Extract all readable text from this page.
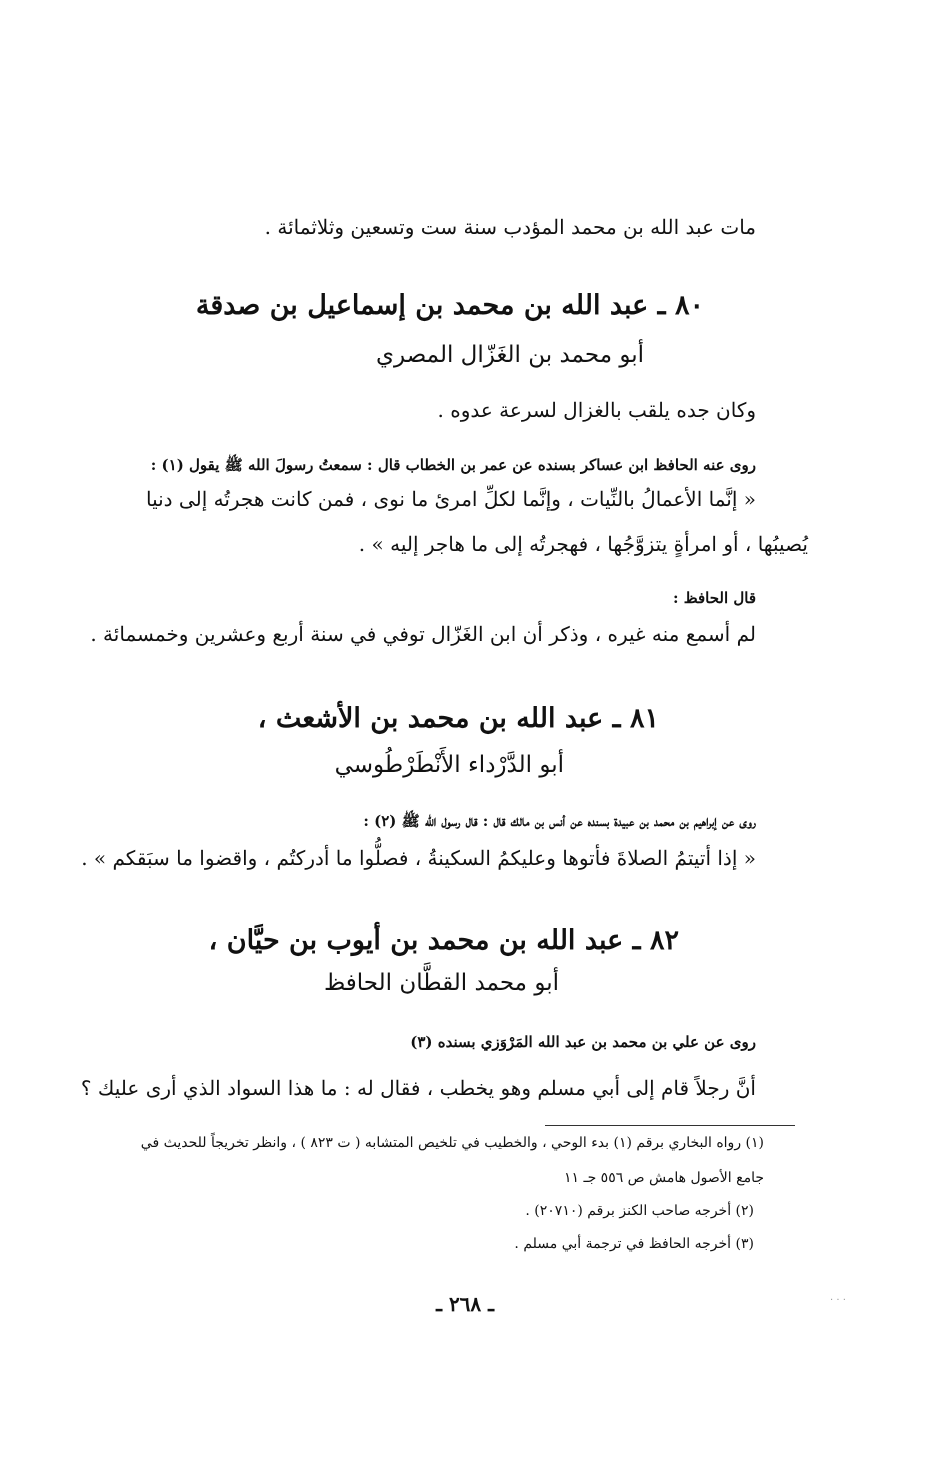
مات عبد الله بن محمد المؤدب سنة ست وتسعين وثلاثمائة .
٨٠ ـ عبد الله بن محمد بن إسماعيل بن صدقة
أبو محمد بن الغَزّال المصري
وكان جده يلقب بالغزال لسرعة عدوه .
روى عنه الحافظ ابن عساكر بسنده عن عمر بن الخطاب قال : سمعتُ رسولَ الله ﷺ يقول (١) :
« إنَّما الأعمالُ بالنِّيات ، وإنَّما لكلِّ امرئ ما نوى ، فمن كانت هجرتُه إلى دنيا
يُصيبُها ، أو امرأةٍ يتزوَّجُها ، فهجرتُه إلى ما هاجر إليه » .
قال الحافظ :
لم أسمع منه غيره ، وذكر أن ابن الغَزّال توفي في سنة أربع وعشرين وخمسمائة .
٨١ ـ عبد الله بن محمد بن الأشعث ،
أبو الدَّرْداء الأَنْطَرْطُوسي
روى عن إبراهيم بن محمد بن عبيدة بسنده عن أنس بن مالك قال : قال رسول الله ﷺ (٢) :
« إذا أتيتمُ الصلاةَ فأتوها وعليكمُ السكينةُ ، فصلُّوا ما أدركتُم ، واقضوا ما سبَقكم » .
٨٢ ـ عبد الله بن محمد بن أيوب بن حيَّان ،
أبو محمد القطَّان الحافظ
روى عن علي بن محمد بن عبد الله المَرْوَزي بسنده (٣)
أنَّ رجلاً قام إلى أبي مسلم وهو يخطب ، فقال له : ما هذا السواد الذي أرى عليك ؟
(١) رواه البخاري برقم (١) بدء الوحي ، والخطيب في تلخيص المتشابه ( ت ٨٢٣ ) ، وانظر تخريجاً للحديث في
جامع الأصول هامش ص ٥٥٦ جـ ١١
(٢) أخرجه صاحب الكنز برقم (٢٠٧١٠) .
(٣) أخرجه الحافظ في ترجمة أبي مسلم .
ـ ٢٦٨ ـ	· · ·
